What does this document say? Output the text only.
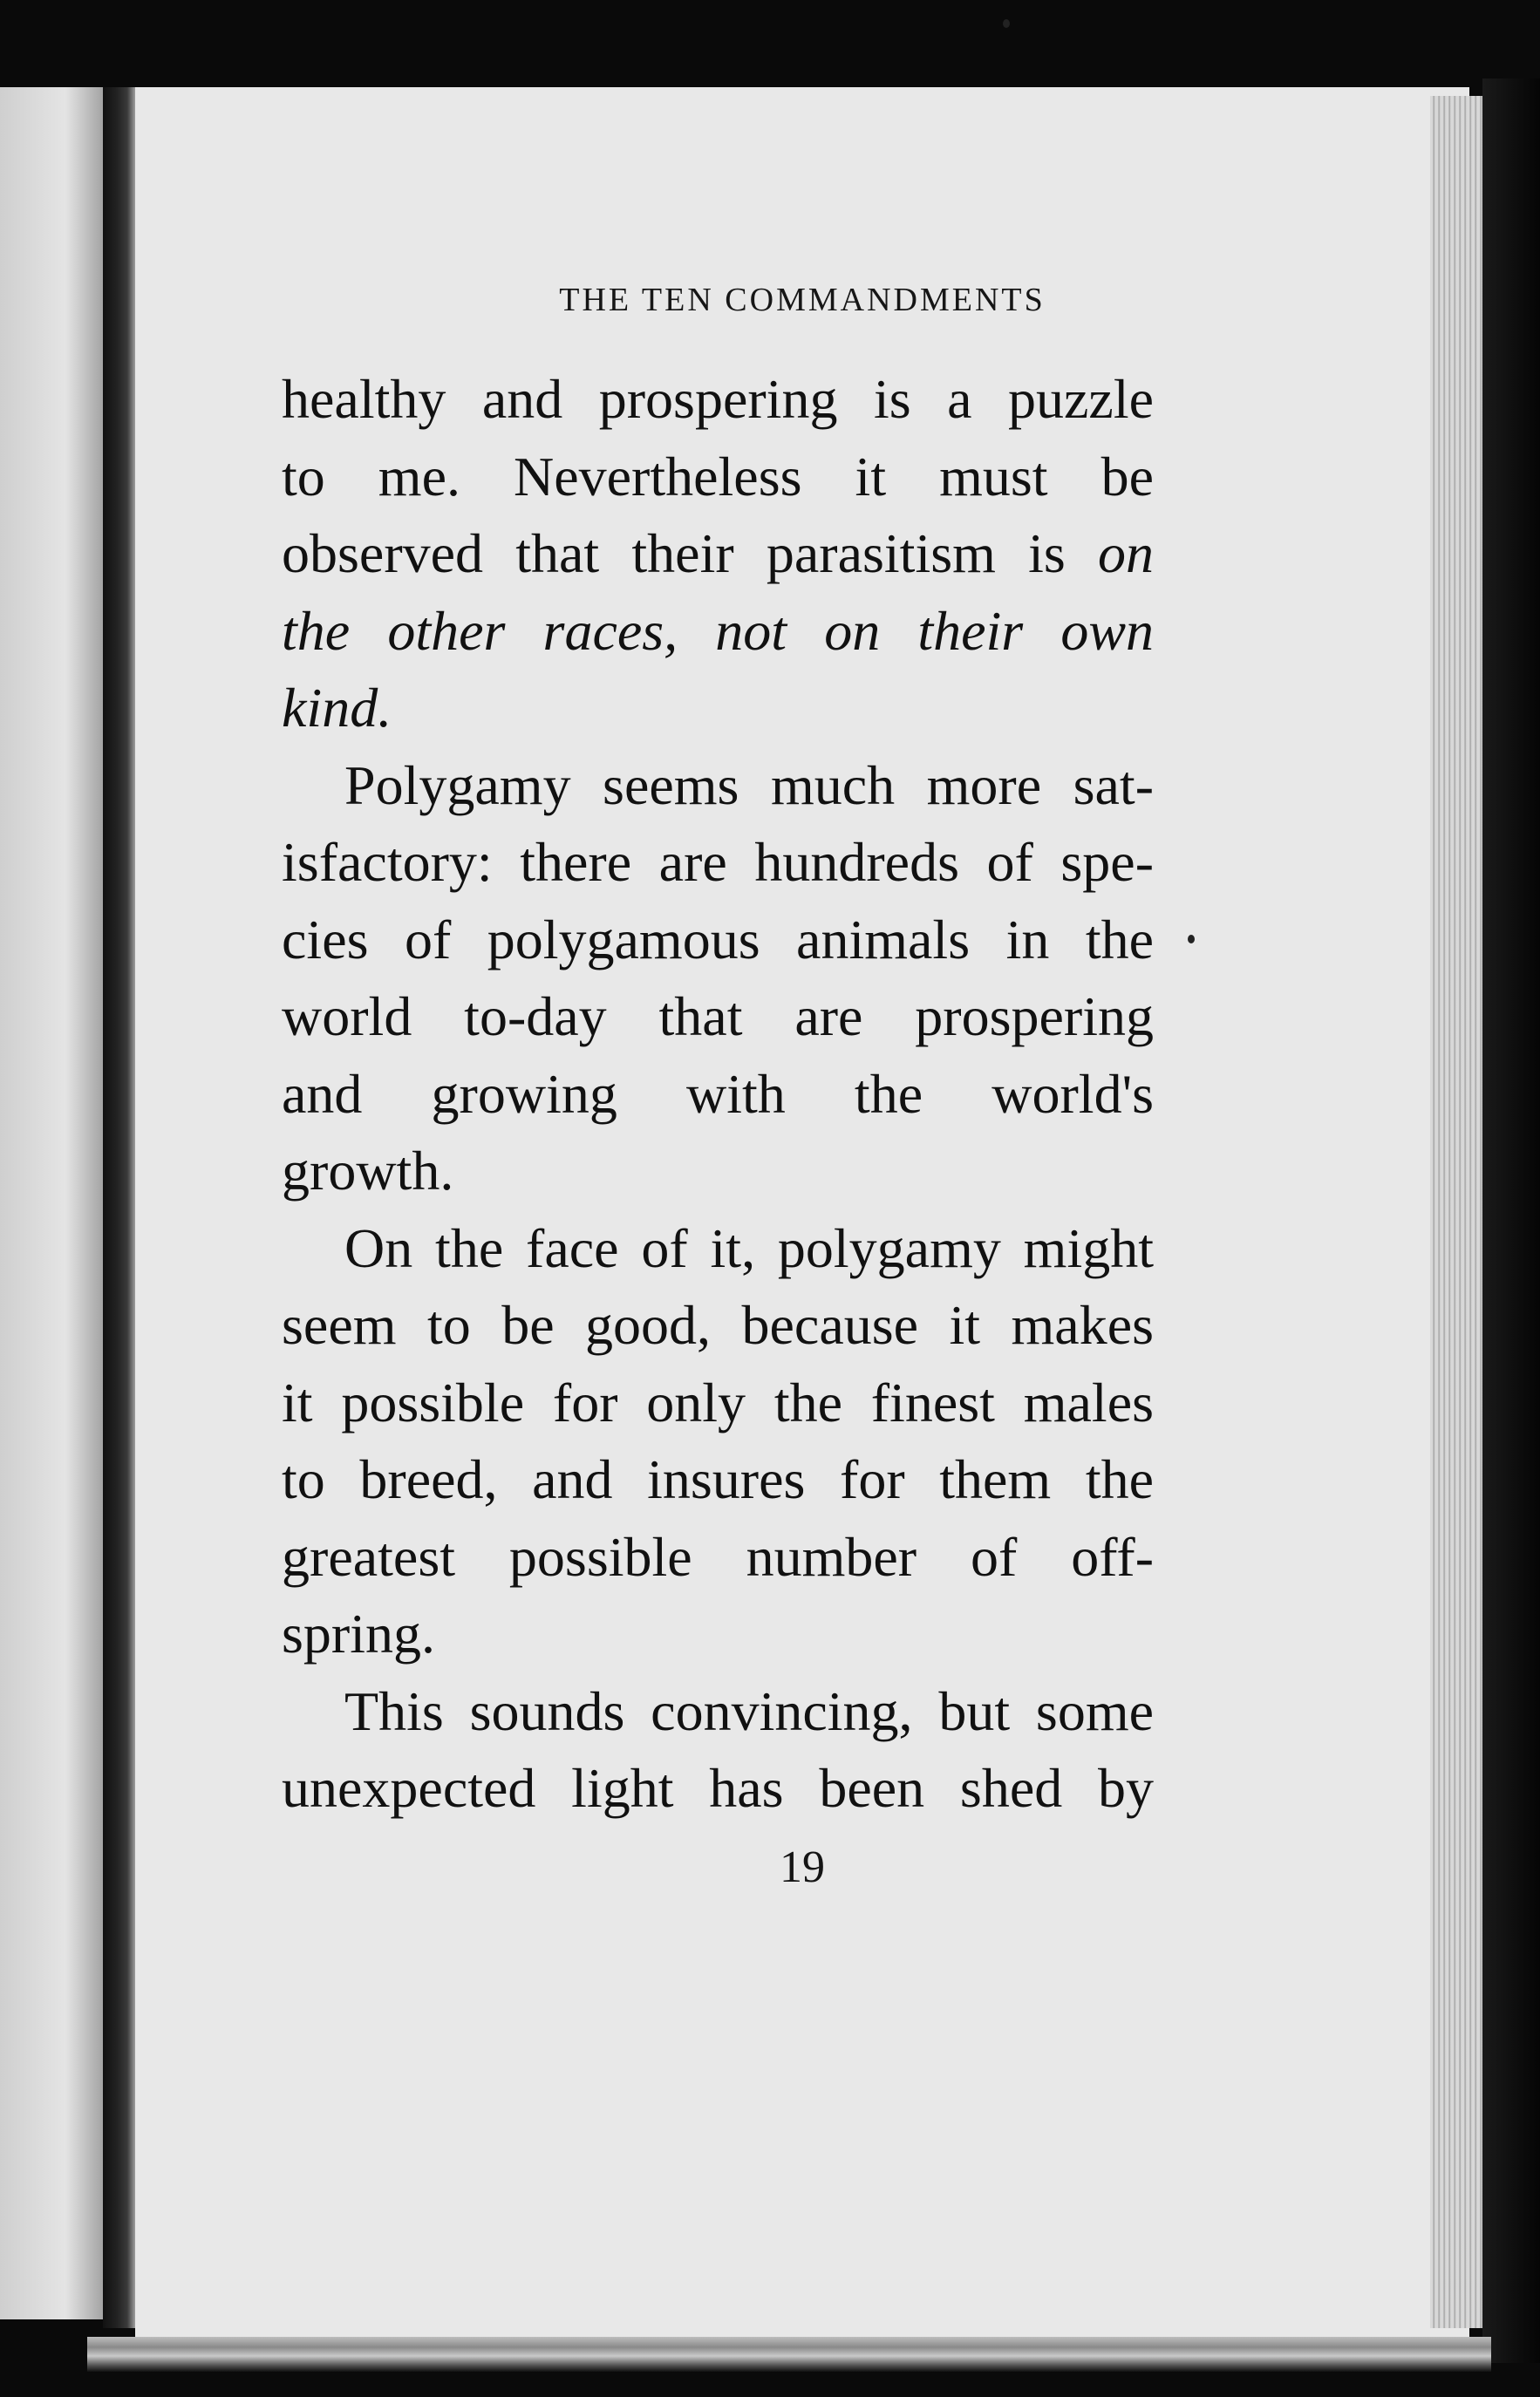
THE TEN COMMANDMENTS
healthy and prospering is a puzzle
to me. Nevertheless it must be
observed that their parasitism is on
the other races, not on their own
kind.
Polygamy seems much more sat-
isfactory: there are hundreds of spe-
cies of polygamous animals in the
world to-day that are prospering
and growing with the world's
growth.
On the face of it, polygamy might
seem to be good, because it makes
it possible for only the finest males
to breed, and insures for them the
greatest possible number of off-
spring.
This sounds convincing, but some
unexpected light has been shed by
19
